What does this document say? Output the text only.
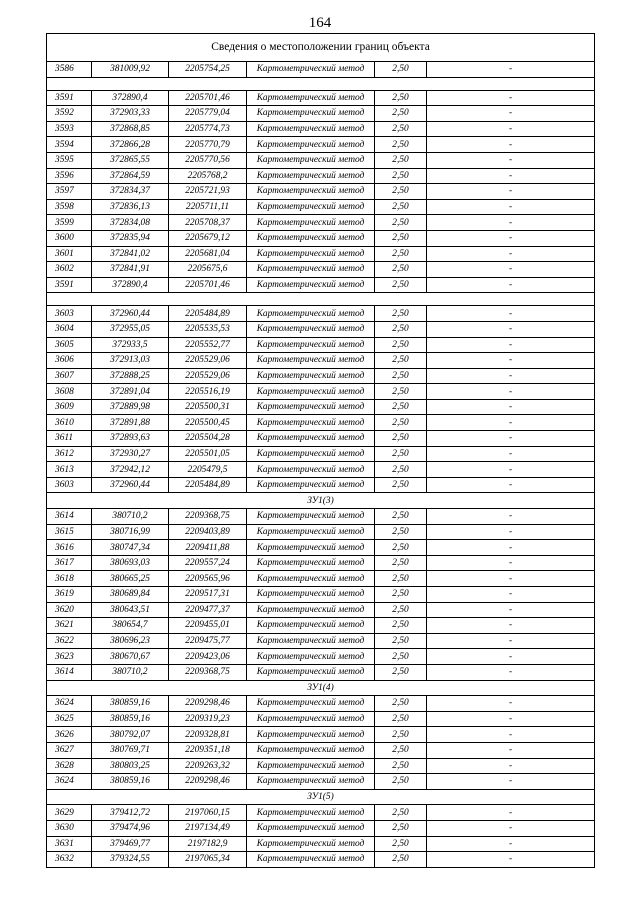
164
Сведения о местоположении границ объекта					
3586	381009,92	2205754,25	Картометрический метод	2,50	-

3591	372890,4	2205701,46	Картометрический метод	2,50	-
3592	372903,33	2205779,04	Картометрический метод	2,50	-
3593	372868,85	2205774,73	Картометрический метод	2,50	-
3594	372866,28	2205770,79	Картометрический метод	2,50	-
3595	372865,55	2205770,56	Картометрический метод	2,50	-
3596	372864,59	2205768,2	Картометрический метод	2,50	-
3597	372834,37	2205721,93	Картометрический метод	2,50	-
3598	372836,13	2205711,11	Картометрический метод	2,50	-
3599	372834,08	2205708,37	Картометрический метод	2,50	-
3600	372835,94	2205679,12	Картометрический метод	2,50	-
3601	372841,02	2205681,04	Картометрический метод	2,50	-
3602	372841,91	2205675,6	Картометрический метод	2,50	-
3591	372890,4	2205701,46	Картометрический метод	2,50	-

3603	372960,44	2205484,89	Картометрический метод	2,50	-
3604	372955,05	2205535,53	Картометрический метод	2,50	-
3605	372933,5	2205552,77	Картометрический метод	2,50	-
3606	372913,03	2205529,06	Картометрический метод	2,50	-
3607	372888,25	2205529,06	Картометрический метод	2,50	-
3608	372891,04	2205516,19	Картометрический метод	2,50	-
3609	372889,98	2205500,31	Картометрический метод	2,50	-
3610	372891,88	2205500,45	Картометрический метод	2,50	-
3611	372893,63	2205504,28	Картометрический метод	2,50	-
3612	372930,27	2205501,05	Картометрический метод	2,50	-
3613	372942,12	2205479,5	Картометрический метод	2,50	-
3603	372960,44	2205484,89	Картометрический метод	2,50	-
ЗУ1(3)					
3614	380710,2	2209368,75	Картометрический метод	2,50	-
3615	380716,99	2209403,89	Картометрический метод	2,50	-
3616	380747,34	2209411,88	Картометрический метод	2,50	-
3617	380693,03	2209557,24	Картометрический метод	2,50	-
3618	380665,25	2209565,96	Картометрический метод	2,50	-
3619	380689,84	2209517,31	Картометрический метод	2,50	-
3620	380643,51	2209477,37	Картометрический метод	2,50	-
3621	380654,7	2209455,01	Картометрический метод	2,50	-
3622	380696,23	2209475,77	Картометрический метод	2,50	-
3623	380670,67	2209423,06	Картометрический метод	2,50	-
3614	380710,2	2209368,75	Картометрический метод	2,50	-
ЗУ1(4)					
3624	380859,16	2209298,46	Картометрический метод	2,50	-
3625	380859,16	2209319,23	Картометрический метод	2,50	-
3626	380792,07	2209328,81	Картометрический метод	2,50	-
3627	380769,71	2209351,18	Картометрический метод	2,50	-
3628	380803,25	2209263,32	Картометрический метод	2,50	-
3624	380859,16	2209298,46	Картометрический метод	2,50	-
ЗУ1(5)					
3629	379412,72	2197060,15	Картометрический метод	2,50	-
3630	379474,96	2197134,49	Картометрический метод	2,50	-
3631	379469,77	2197182,9	Картометрический метод	2,50	-
3632	379324,55	2197065,34	Картометрический метод	2,50	-
